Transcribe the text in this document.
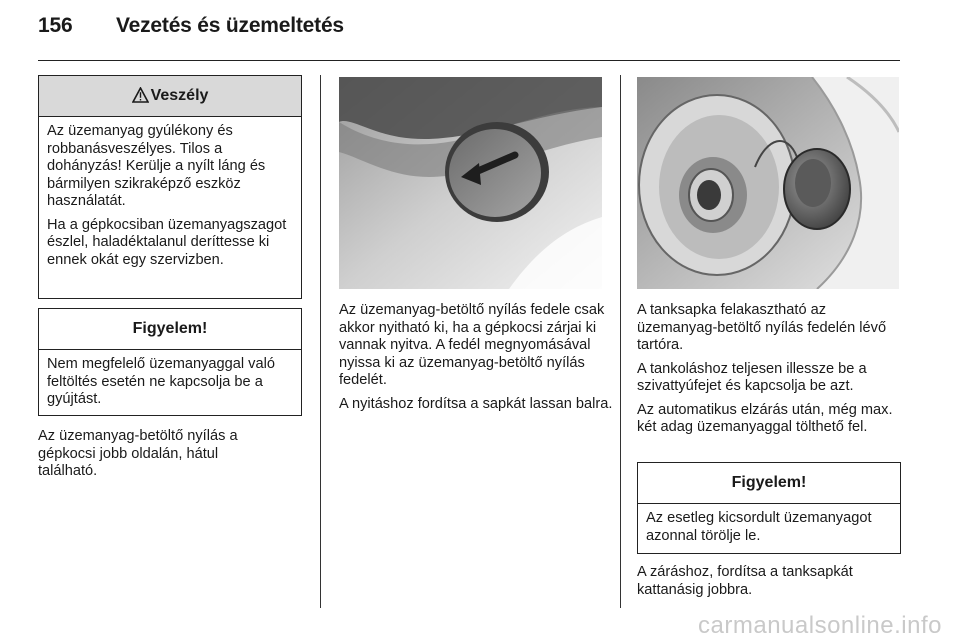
156 Vezetés és üzemeltetés
Veszély

Az üzemanyag gyúlékony és robbanásveszélyes. Tilos a dohányzás! Kerülje a nyílt láng és bármilyen szikraképző eszköz használatát.

Ha a gépkocsiban üzemanyagszagot észlel, haladéktalanul deríttesse ki ennek okát egy szervizben.

Figyelem!

Nem megfelelő üzemanyaggal való feltöltés esetén ne kapcsolja be a gyújtást.

Az üzemanyag-betöltő nyílás a gépkocsi jobb oldalán, hátul található.

Az üzemanyag-betöltő nyílás fedele csak akkor nyitható ki, ha a gépkocsi zárjai ki vannak nyitva. A fedél megnyomásával nyissa ki az üzemanyag-betöltő nyílás fedelét.

A nyitáshoz fordítsa a sapkát lassan balra.

A tanksapka felakasztható az üzemanyag-betöltő nyílás fedelén lévő tartóra.

A tankoláshoz teljesen illessze be a szivattyúfejet és kapcsolja be azt.

Az automatikus elzárás után, még max. két adag üzemanyaggal tölthető fel.

Figyelem!

Az esetleg kicsordult üzemanyagot azonnal törölje le.

A záráshoz, fordítsa a tanksapkát kattanásig jobbra.

carmanualsonline.info
